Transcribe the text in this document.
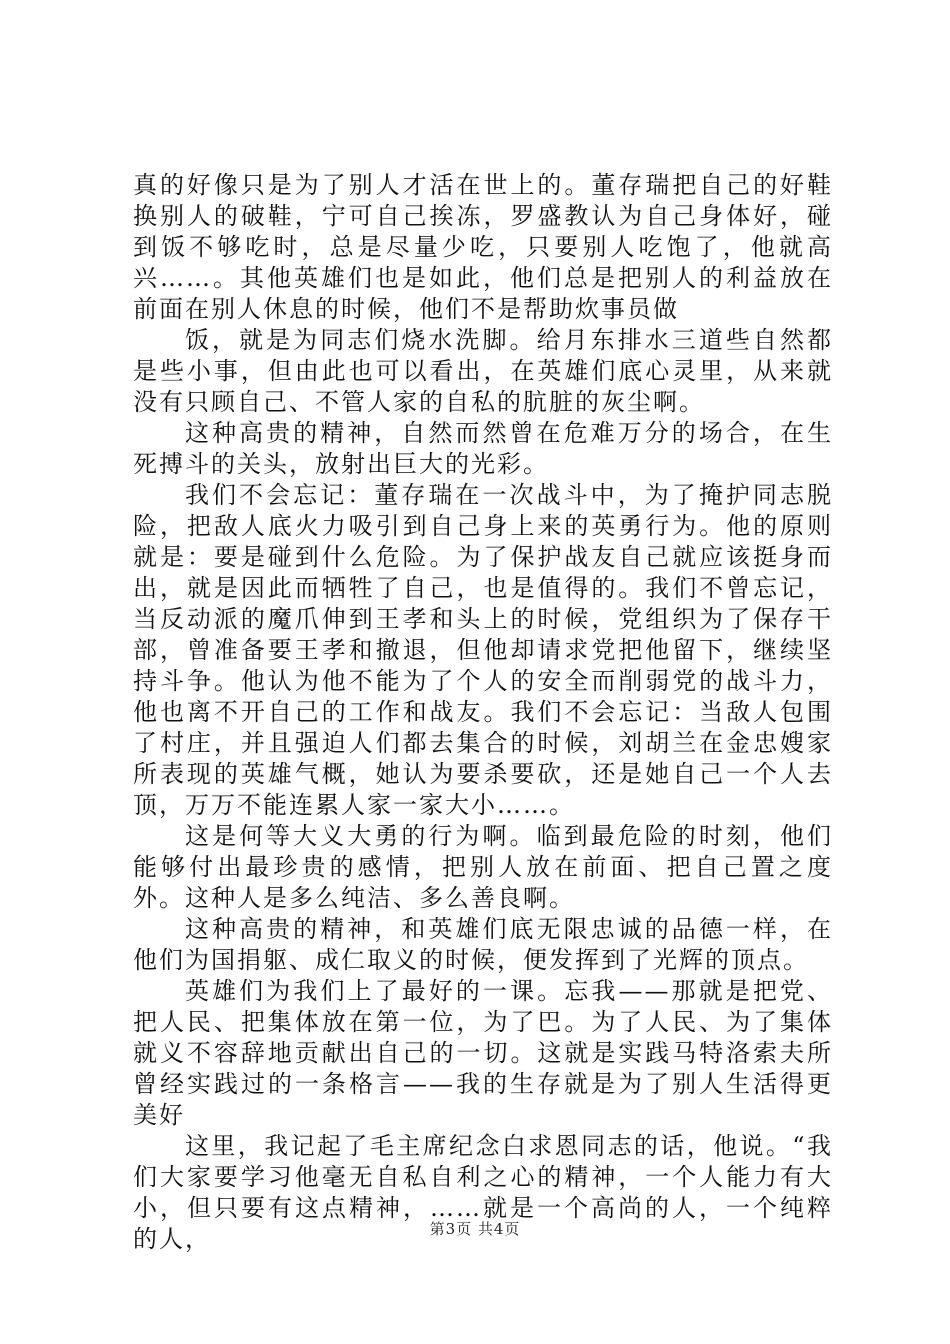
真的好像只是为了别人才活在世上的。董存瑞把自己的好鞋换别人的破鞋，宁可自己挨冻，罗盛教认为自己身体好，碰到饭不够吃时，总是尽量少吃，只要别人吃饱了，他就高兴……。其他英雄们也是如此，他们总是把别人的利益放在前面在别人休息的时候，他们不是帮助炊事员做

饭，就是为同志们烧水洗脚。给月东排水三道些自然都是些小事，但由此也可以看出，在英雄们底心灵里，从来就没有只顾自己、不管人家的自私的肮脏的灰尘啊。

这种高贵的精神，自然而然曾在危难万分的场合，在生死搏斗的关头，放射出巨大的光彩。

我们不会忘记：董存瑞在一次战斗中，为了掩护同志脱险，把敌人底火力吸引到自己身上来的英勇行为。他的原则就是：要是碰到什么危险。为了保护战友自己就应该挺身而出，就是因此而牺牲了自己，也是值得的。我们不曾忘记，当反动派的魔爪伸到王孝和头上的时候，党组织为了保存干部，曾准备要王孝和撤退，但他却请求党把他留下，继续坚持斗争。他认为他不能为了个人的安全而削弱党的战斗力，他也离不开自己的工作和战友。我们不会忘记：当敌人包围了村庄，并且强迫人们都去集合的时候，刘胡兰在金忠嫂家所表现的英雄气概，她认为要杀要砍，还是她自己一个人去顶，万万不能连累人家一家大小……。

这是何等大义大勇的行为啊。临到最危险的时刻，他们能够付出最珍贵的感情，把别人放在前面、把自己置之度外。这种人是多么纯洁、多么善良啊。

这种高贵的精神，和英雄们底无限忠诚的品德一样，在他们为国捐躯、成仁取义的时候，便发挥到了光辉的顶点。

英雄们为我们上了最好的一课。忘我——那就是把党、把人民、把集体放在第一位，为了巴。为了人民、为了集体就义不容辞地贡献出自己的一切。这就是实践马特洛索夫所曾经实践过的一条格言——我的生存就是为了别人生活得更美好

这里，我记起了毛主席纪念白求恩同志的话，他说。“我们大家要学习他毫无自私自利之心的精神，一个人能力有大小，但只要有这点精神，……就是一个高尚的人，一个纯粹的人，	第3页 共4页
